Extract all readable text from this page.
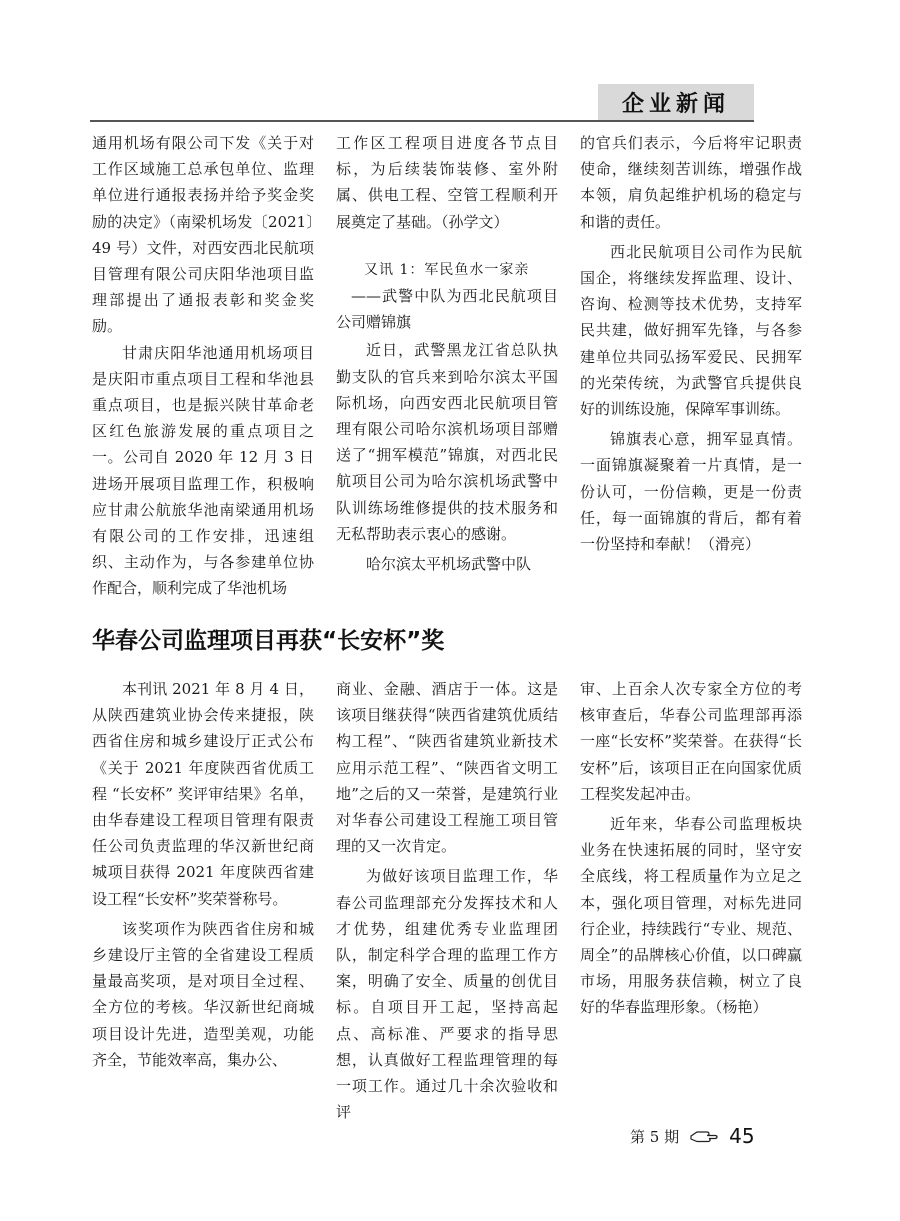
企业新闻

通用机场有限公司下发《关于对工作区域施工总承包单位、监理单位进行通报表扬并给予奖金奖励的决定》（南梁机场发〔2021〕49 号）文件，对西安西北民航项目管理有限公司庆阳华池项目监理部提出了通报表彰和奖金奖励。

甘肃庆阳华池通用机场项目是庆阳市重点项目工程和华池县重点项目，也是振兴陕甘革命老区红色旅游发展的重点项目之一。公司自 2020 年 12 月 3 日进场开展项目监理工作，积极响应甘肃公航旅华池南梁通用机场有限公司的工作安排，迅速组织、主动作为，与各参建单位协作配合，顺利完成了华池机场

工作区工程项目进度各节点目标，为后续装饰装修、室外附属、供电工程、空管工程顺利开展奠定了基础。（孙学文）

又讯 1：军民鱼水一家亲

——武警中队为西北民航项目公司赠锦旗

近日，武警黑龙江省总队执勤支队的官兵来到哈尔滨太平国际机场，向西安西北民航项目管理有限公司哈尔滨机场项目部赠送了“拥军模范”锦旗，对西北民航项目公司为哈尔滨机场武警中队训练场维修提供的技术服务和无私帮助表示衷心的感谢。

哈尔滨太平机场武警中队

的官兵们表示，今后将牢记职责使命，继续刻苦训练，增强作战本领，肩负起维护机场的稳定与和谐的责任。

西北民航项目公司作为民航国企，将继续发挥监理、设计、咨询、检测等技术优势，支持军民共建，做好拥军先锋，与各参建单位共同弘扬军爱民、民拥军的光荣传统，为武警官兵提供良好的训练设施，保障军事训练。

锦旗表心意，拥军显真情。一面锦旗凝聚着一片真情，是一份认可，一份信赖，更是一份责任，每一面锦旗的背后，都有着一份坚持和奉献！（滑亮）

华春公司监理项目再获“长安杯”奖

本刊讯 2021 年 8 月 4 日，从陕西建筑业协会传来捷报，陕西省住房和城乡建设厅正式公布《关于 2021 年度陕西省优质工程 “长安杯” 奖评审结果》名单，由华春建设工程项目管理有限责任公司负责监理的华汉新世纪商城项目获得 2021 年度陕西省建设工程“长安杯”奖荣誉称号。

该奖项作为陕西省住房和城乡建设厅主管的全省建设工程质量最高奖项，是对项目全过程、全方位的考核。华汉新世纪商城项目设计先进，造型美观，功能齐全，节能效率高，集办公、

商业、金融、酒店于一体。这是该项目继获得“陕西省建筑优质结构工程”、“陕西省建筑业新技术应用示范工程”、“陕西省文明工地”之后的又一荣誉，是建筑行业对华春公司建设工程施工项目管理的又一次肯定。

为做好该项目监理工作，华春公司监理部充分发挥技术和人才优势，组建优秀专业监理团队，制定科学合理的监理工作方案，明确了安全、质量的创优目标。自项目开工起，坚持高起点、高标准、严要求的指导思想，认真做好工程监理管理的每一项工作。通过几十余次验收和评

审、上百余人次专家全方位的考核审查后，华春公司监理部再添一座“长安杯”奖荣誉。在获得“长安杯”后，该项目正在向国家优质工程奖发起冲击。

近年来，华春公司监理板块业务在快速拓展的同时，坚守安全底线，将工程质量作为立足之本，强化项目管理，对标先进同行企业，持续践行“专业、规范、周全”的品牌核心价值，以口碑赢市场，用服务获信赖，树立了良好的华春监理形象。（杨艳）

第 5 期	45
